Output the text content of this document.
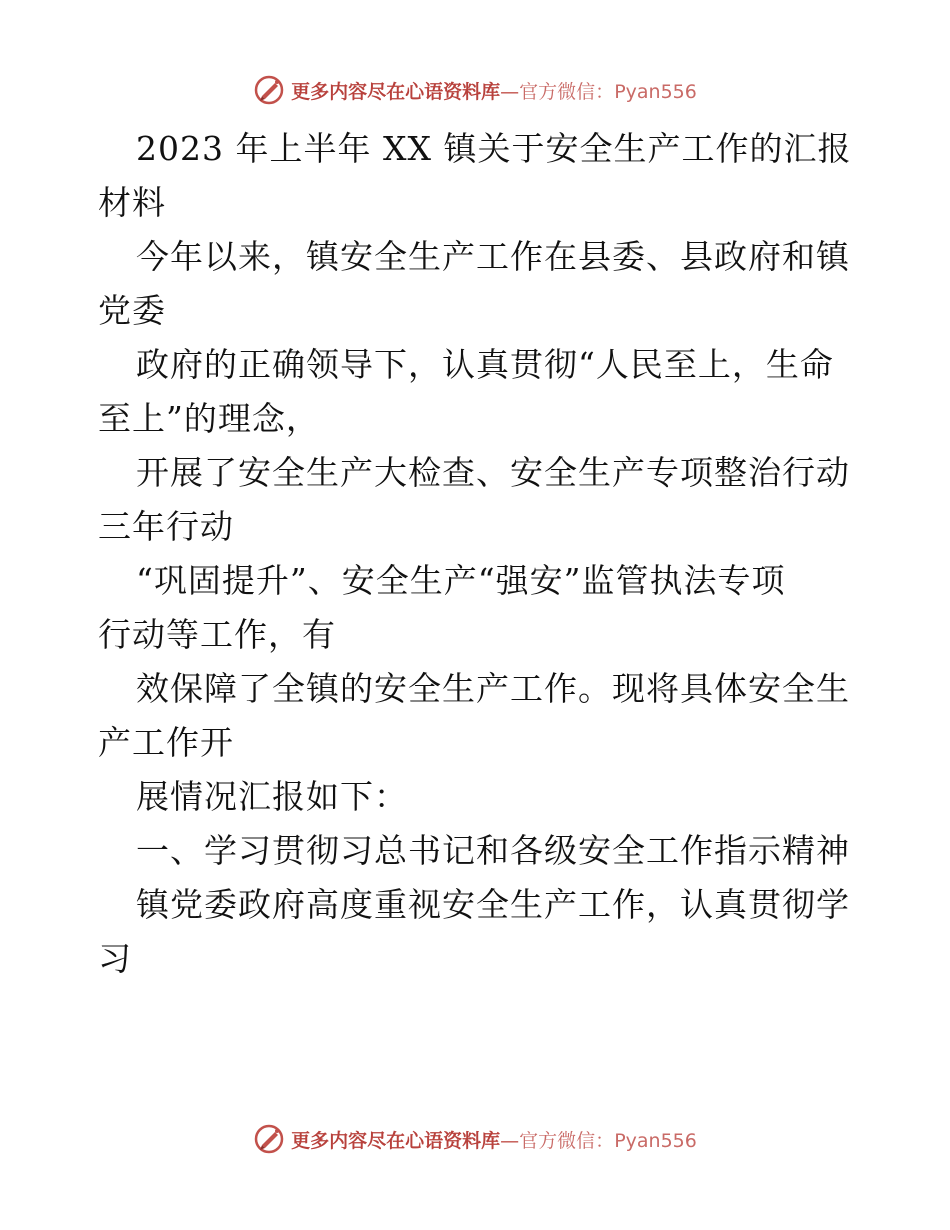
更多内容尽在心语资料库—官方微信：Pyan556
2023 年上半年 XX 镇关于安全生产工作的汇报
材料
今年以来，镇安全生产工作在县委、县政府和镇
党委
政府的正确领导下，认真贯彻“人民至上，生命
至上”的理念，
开展了安全生产大检查、安全生产专项整治行动
三年行动
“巩固提升”、安全生产“强安”监管执法专项
行动等工作，有
效保障了全镇的安全生产工作。现将具体安全生
产工作开
展情况汇报如下：
一、学习贯彻习总书记和各级安全工作指示精神
镇党委政府高度重视安全生产工作，认真贯彻学
习
更多内容尽在心语资料库—官方微信：Pyan556
